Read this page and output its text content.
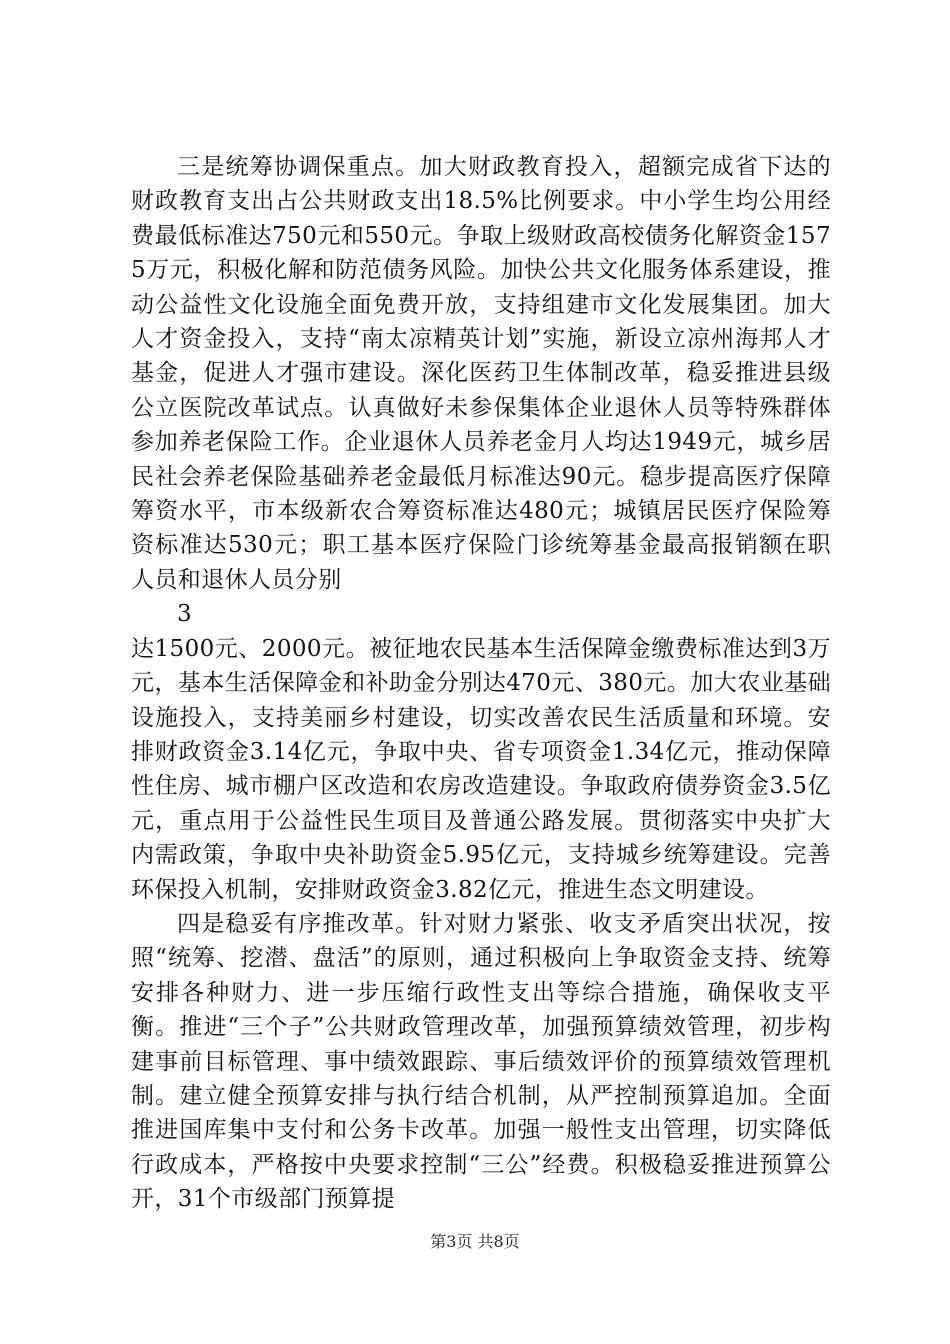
三是统筹协调保重点。加大财政教育投入，超额完成省下达的财政教育支出占公共财政支出18.5%比例要求。中小学生均公用经费最低标准达750元和550元。争取上级财政高校债务化解资金1575万元，积极化解和防范债务风险。加快公共文化服务体系建设，推动公益性文化设施全面免费开放，支持组建市文化发展集团。加大人才资金投入，支持“南太凉精英计划”实施，新设立凉州海邦人才基金，促进人才强市建设。深化医药卫生体制改革，稳妥推进县级公立医院改革试点。认真做好未参保集体企业退休人员等特殊群体参加养老保险工作。企业退休人员养老金月人均达1949元，城乡居民社会养老保险基础养老金最低月标准达90元。稳步提高医疗保障筹资水平，市本级新农合筹资标准达480元；城镇居民医疗保险筹资标准达530元；职工基本医疗保险门诊统筹基金最高报销额在职人员和退休人员分别

3

达1500元、2000元。被征地农民基本生活保障金缴费标准达到3万元，基本生活保障金和补助金分别达470元、380元。加大农业基础设施投入，支持美丽乡村建设，切实改善农民生活质量和环境。安排财政资金3.14亿元，争取中央、省专项资金1.34亿元，推动保障性住房、城市棚户区改造和农房改造建设。争取政府债券资金3.5亿元，重点用于公益性民生项目及普通公路发展。贯彻落实中央扩大内需政策，争取中央补助资金5.95亿元，支持城乡统筹建设。完善环保投入机制，安排财政资金3.82亿元，推进生态文明建设。

四是稳妥有序推改革。针对财力紧张、收支矛盾突出状况，按照“统筹、挖潜、盘活”的原则，通过积极向上争取资金支持、统筹安排各种财力、进一步压缩行政性支出等综合措施，确保收支平衡。推进“三个子”公共财政管理改革，加强预算绩效管理，初步构建事前目标管理、事中绩效跟踪、事后绩效评价的预算绩效管理机制。建立健全预算安排与执行结合机制，从严控制预算追加。全面推进国库集中支付和公务卡改革。加强一般性支出管理，切实降低行政成本，严格按中央要求控制“三公”经费。积极稳妥推进预算公开，31个市级部门预算提

第3页 共8页
